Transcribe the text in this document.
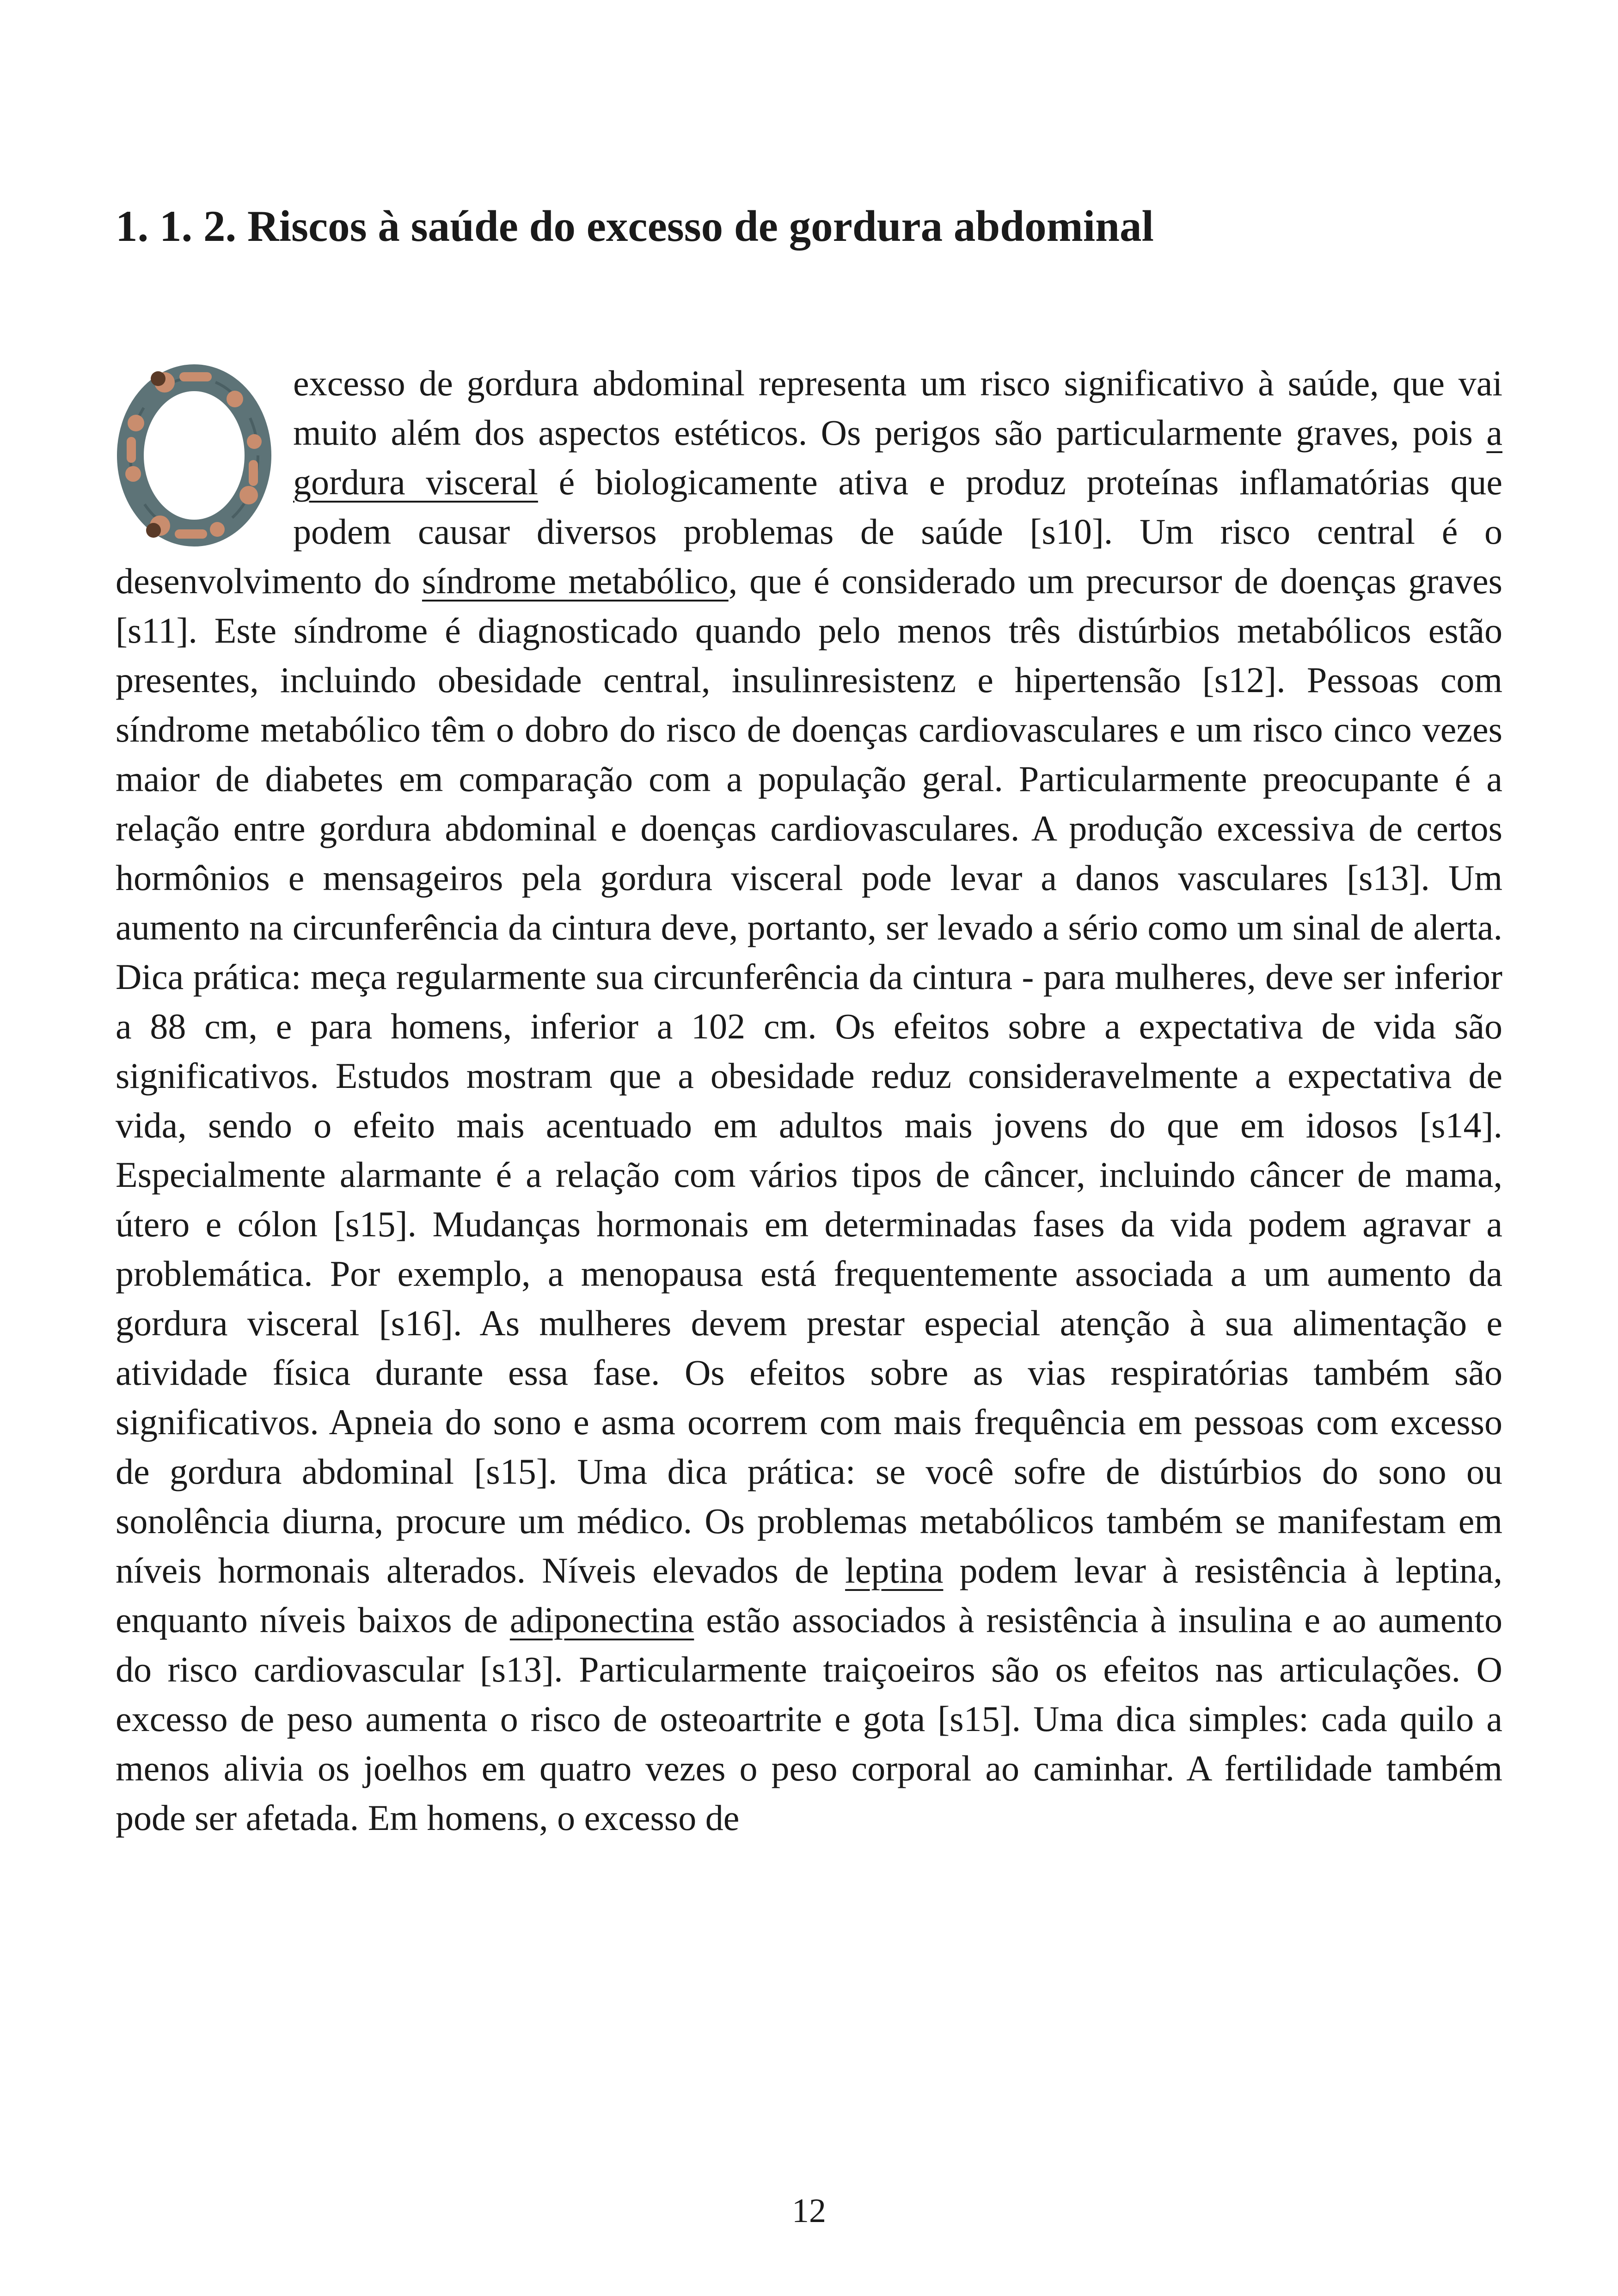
1. 1. 2. Riscos à saúde do excesso de gordura abdominal

excesso de gordura abdominal representa um risco significativo à saúde, que vai muito além dos aspectos estéticos. Os perigos são particularmente graves, pois a gordura visceral é biologicamente ativa e produz proteínas inflamatórias que podem causar diversos problemas de saúde [s10]. Um risco central é o desenvolvimento do síndrome metabólico, que é considerado um precursor de doenças graves [s11]. Este síndrome é diagnosticado quando pelo menos três distúrbios metabólicos estão presentes, incluindo obesidade central, insulinresistenz e hipertensão [s12]. Pessoas com síndrome metabólico têm o dobro do risco de doenças cardiovasculares e um risco cinco vezes maior de diabetes em comparação com a população geral. Particularmente preocupante é a relação entre gordura abdominal e doenças cardiovasculares. A produção excessiva de certos hormônios e mensageiros pela gordura visceral pode levar a danos vasculares [s13]. Um aumento na circunferência da cintura deve, portanto, ser levado a sério como um sinal de alerta. Dica prática: meça regularmente sua circunferência da cintura - para mulheres, deve ser inferior a 88 cm, e para homens, inferior a 102 cm. Os efeitos sobre a expectativa de vida são significativos. Estudos mostram que a obesidade reduz consideravelmente a expectativa de vida, sendo o efeito mais acentuado em adultos mais jovens do que em idosos [s14]. Especialmente alarmante é a relação com vários tipos de câncer, incluindo câncer de mama, útero e cólon [s15]. Mudanças hormonais em determinadas fases da vida podem agravar a problemática. Por exemplo, a menopausa está frequentemente associada a um aumento da gordura visceral [s16]. As mulheres devem prestar especial atenção à sua alimentação e atividade física durante essa fase. Os efeitos sobre as vias respiratórias também são significativos. Apneia do sono e asma ocorrem com mais frequência em pessoas com excesso de gordura abdominal [s15]. Uma dica prática: se você sofre de distúrbios do sono ou sonolência diurna, procure um médico. Os problemas metabólicos também se manifestam em níveis hormonais alterados. Níveis elevados de leptina podem levar à resistência à leptina, enquanto níveis baixos de adiponectina estão associados à resistência à insulina e ao aumento do risco cardiovascular [s13]. Particularmente traiçoeiros são os efeitos nas articulações. O excesso de peso aumenta o risco de osteoartrite e gota [s15]. Uma dica simples: cada quilo a menos alivia os joelhos em quatro vezes o peso corporal ao caminhar. A fertilidade também pode ser afetada. Em homens, o excesso de

12
